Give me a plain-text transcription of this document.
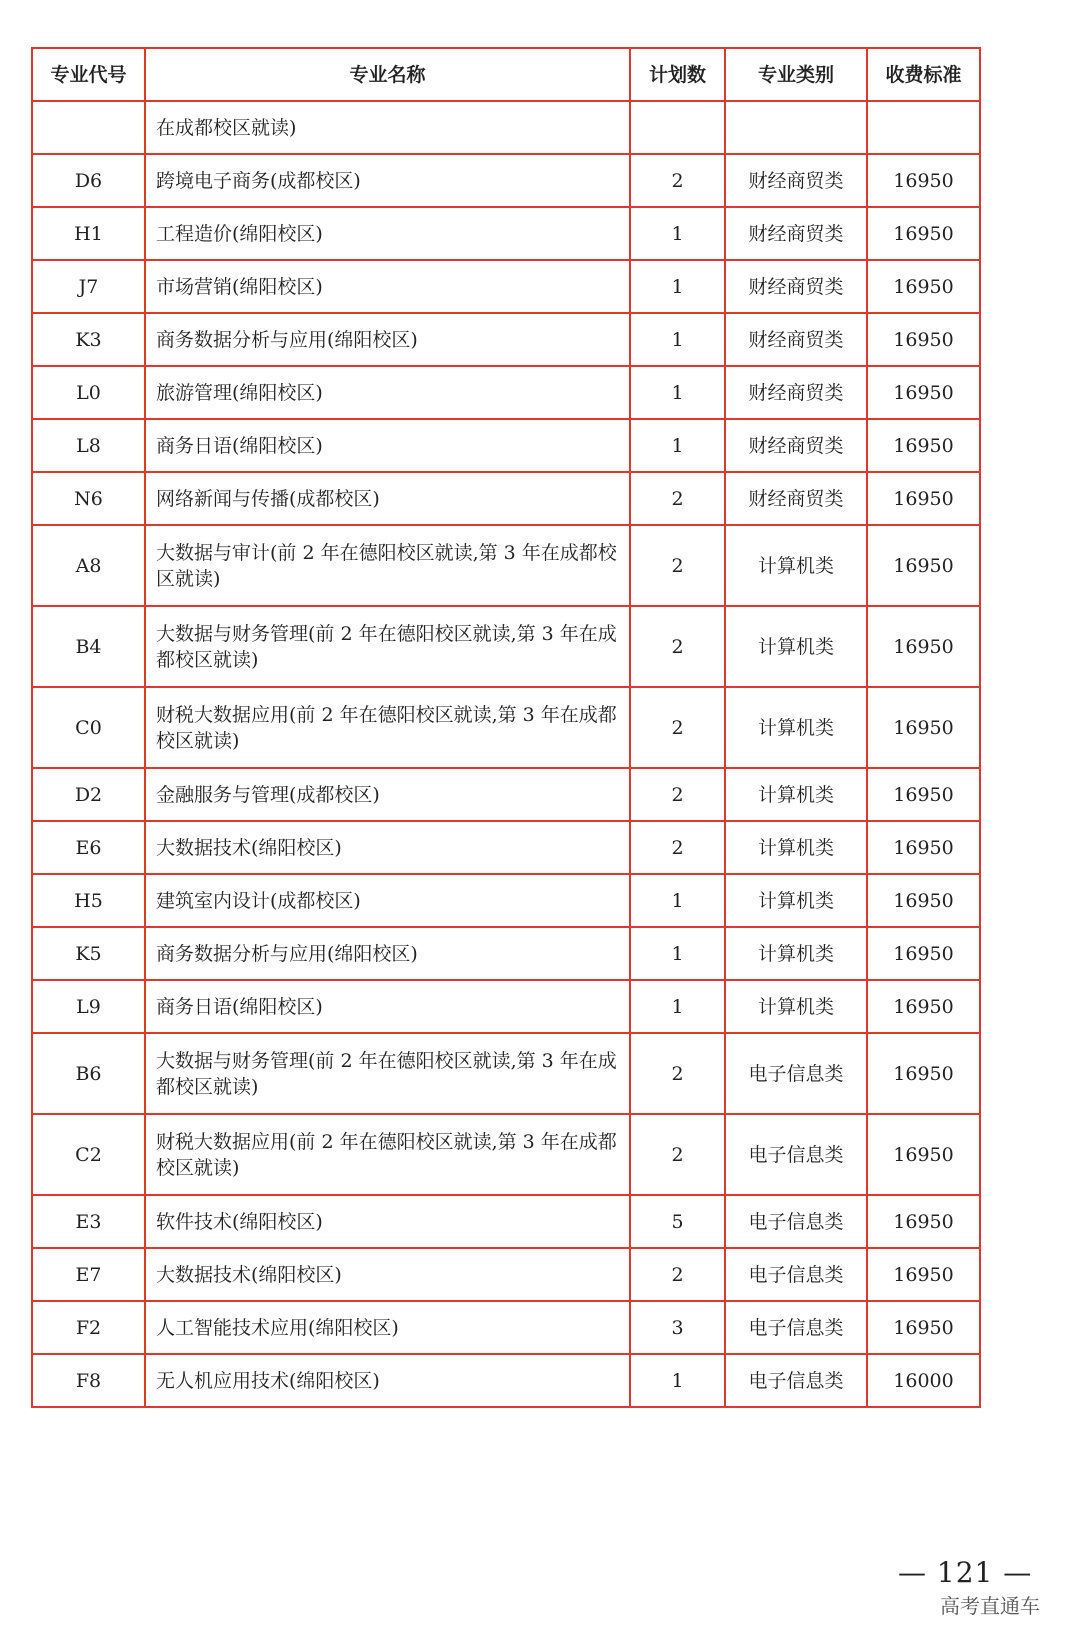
专业代号	专业名称	计划数	专业类别	收费标准
	在成都校区就读)			
D6	跨境电子商务(成都校区)	2	财经商贸类	16950
H1	工程造价(绵阳校区)	1	财经商贸类	16950
J7	市场营销(绵阳校区)	1	财经商贸类	16950
K3	商务数据分析与应用(绵阳校区)	1	财经商贸类	16950
L0	旅游管理(绵阳校区)	1	财经商贸类	16950
L8	商务日语(绵阳校区)	1	财经商贸类	16950
N6	网络新闻与传播(成都校区)	2	财经商贸类	16950
A8	大数据与审计(前 2 年在德阳校区就读,第 3 年在成都校区就读)	2	计算机类	16950
B4	大数据与财务管理(前 2 年在德阳校区就读,第 3 年在成都校区就读)	2	计算机类	16950
C0	财税大数据应用(前 2 年在德阳校区就读,第 3 年在成都校区就读)	2	计算机类	16950
D2	金融服务与管理(成都校区)	2	计算机类	16950
E6	大数据技术(绵阳校区)	2	计算机类	16950
H5	建筑室内设计(成都校区)	1	计算机类	16950
K5	商务数据分析与应用(绵阳校区)	1	计算机类	16950
L9	商务日语(绵阳校区)	1	计算机类	16950
B6	大数据与财务管理(前 2 年在德阳校区就读,第 3 年在成都校区就读)	2	电子信息类	16950
C2	财税大数据应用(前 2 年在德阳校区就读,第 3 年在成都校区就读)	2	电子信息类	16950
E3	软件技术(绵阳校区)	5	电子信息类	16950
E7	大数据技术(绵阳校区)	2	电子信息类	16950
F2	人工智能技术应用(绵阳校区)	3	电子信息类	16950
F8	无人机应用技术(绵阳校区)	1	电子信息类	16000
— 121 —
高考直通车
